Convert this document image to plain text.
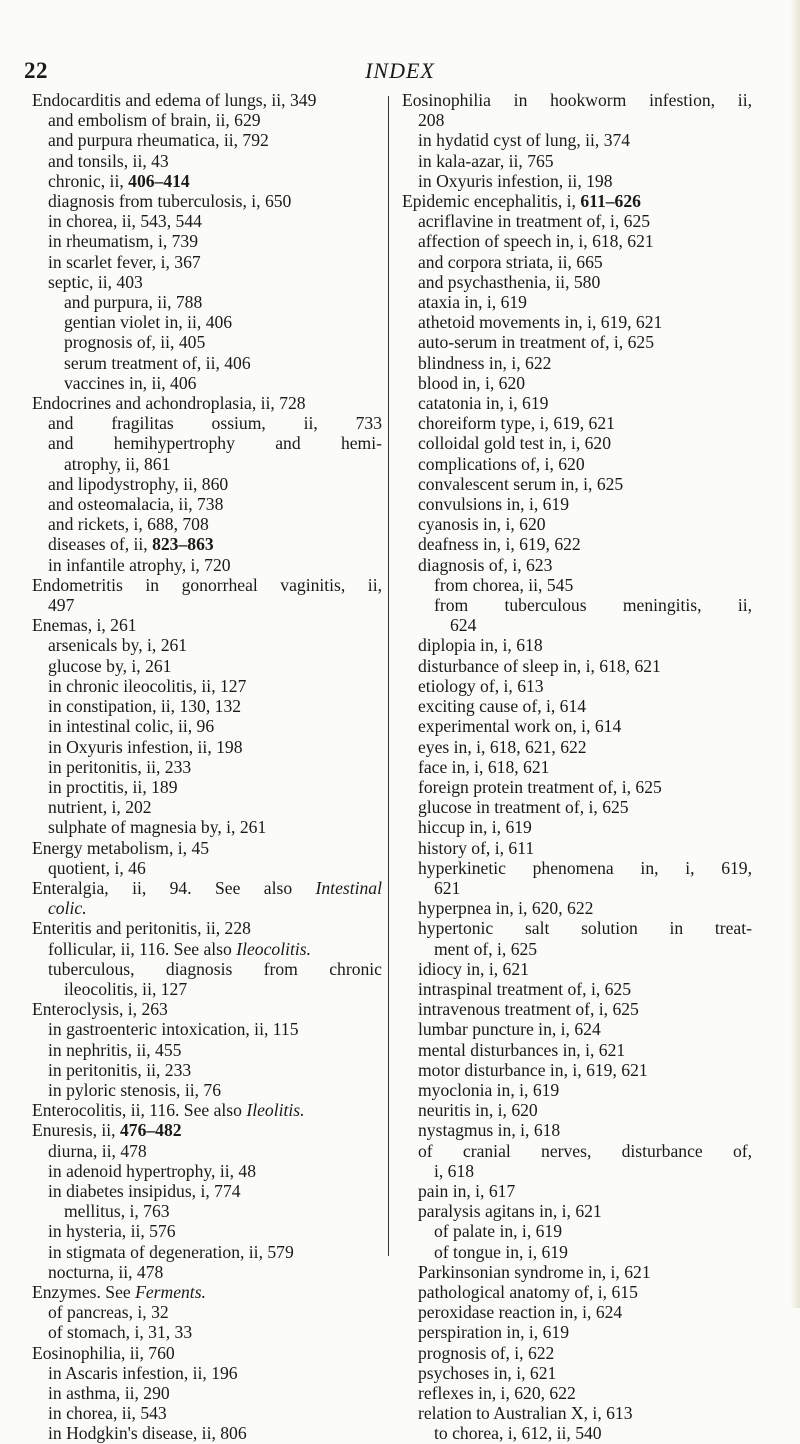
22	INDEX
Endocarditis and edema of lungs, ii, 349
and embolism of brain, ii, 629
and purpura rheumatica, ii, 792
and tonsils, ii, 43
chronic, ii, 406–414
diagnosis from tuberculosis, i, 650
in chorea, ii, 543, 544
in rheumatism, i, 739
in scarlet fever, i, 367
septic, ii, 403
and purpura, ii, 788
gentian violet in, ii, 406
prognosis of, ii, 405
serum treatment of, ii, 406
vaccines in, ii, 406
Endocrines and achondroplasia, ii, 728
and fragilitas ossium, ii, 733
and hemihypertrophy and hemi-
atrophy, ii, 861
and lipodystrophy, ii, 860
and osteomalacia, ii, 738
and rickets, i, 688, 708
diseases of, ii, 823–863
in infantile atrophy, i, 720
Endometritis in gonorrheal vaginitis, ii,
497
Enemas, i, 261
arsenicals by, i, 261
glucose by, i, 261
in chronic ileocolitis, ii, 127
in constipation, ii, 130, 132
in intestinal colic, ii, 96
in Oxyuris infestion, ii, 198
in peritonitis, ii, 233
in proctitis, ii, 189
nutrient, i, 202
sulphate of magnesia by, i, 261
Energy metabolism, i, 45
quotient, i, 46
Enteralgia, ii, 94. See also Intestinal
colic.
Enteritis and peritonitis, ii, 228
follicular, ii, 116. See also Ileocolitis.
tuberculous, diagnosis from chronic
ileocolitis, ii, 127
Enteroclysis, i, 263
in gastroenteric intoxication, ii, 115
in nephritis, ii, 455
in peritonitis, ii, 233
in pyloric stenosis, ii, 76
Enterocolitis, ii, 116. See also Ileolitis.
Enuresis, ii, 476–482
diurna, ii, 478
in adenoid hypertrophy, ii, 48
in diabetes insipidus, i, 774
mellitus, i, 763
in hysteria, ii, 576
in stigmata of degeneration, ii, 579
nocturna, ii, 478
Enzymes. See Ferments.
of pancreas, i, 32
of stomach, i, 31, 33
Eosinophilia, ii, 760
in Ascaris infestion, ii, 196
in asthma, ii, 290
in chorea, ii, 543
in Hodgkin's disease, ii, 806
Eosinophilia in hookworm infestion, ii,
208
in hydatid cyst of lung, ii, 374
in kala-azar, ii, 765
in Oxyuris infestion, ii, 198
Epidemic encephalitis, i, 611–626
acriflavine in treatment of, i, 625
affection of speech in, i, 618, 621
and corpora striata, ii, 665
and psychasthenia, ii, 580
ataxia in, i, 619
athetoid movements in, i, 619, 621
auto-serum in treatment of, i, 625
blindness in, i, 622
blood in, i, 620
catatonia in, i, 619
choreiform type, i, 619, 621
colloidal gold test in, i, 620
complications of, i, 620
convalescent serum in, i, 625
convulsions in, i, 619
cyanosis in, i, 620
deafness in, i, 619, 622
diagnosis of, i, 623
from chorea, ii, 545
from tuberculous meningitis, ii,
624
diplopia in, i, 618
disturbance of sleep in, i, 618, 621
etiology of, i, 613
exciting cause of, i, 614
experimental work on, i, 614
eyes in, i, 618, 621, 622
face in, i, 618, 621
foreign protein treatment of, i, 625
glucose in treatment of, i, 625
hiccup in, i, 619
history of, i, 611
hyperkinetic phenomena in, i, 619,
621
hyperpnea in, i, 620, 622
hypertonic salt solution in treat-
ment of, i, 625
idiocy in, i, 621
intraspinal treatment of, i, 625
intravenous treatment of, i, 625
lumbar puncture in, i, 624
mental disturbances in, i, 621
motor disturbance in, i, 619, 621
myoclonia in, i, 619
neuritis in, i, 620
nystagmus in, i, 618
of cranial nerves, disturbance of,
i, 618
pain in, i, 617
paralysis agitans in, i, 621
of palate in, i, 619
of tongue in, i, 619
Parkinsonian syndrome in, i, 621
pathological anatomy of, i, 615
peroxidase reaction in, i, 624
perspiration in, i, 619
prognosis of, i, 622
psychoses in, i, 621
reflexes in, i, 620, 622
relation to Australian X, i, 613
to chorea, i, 612, ii, 540
